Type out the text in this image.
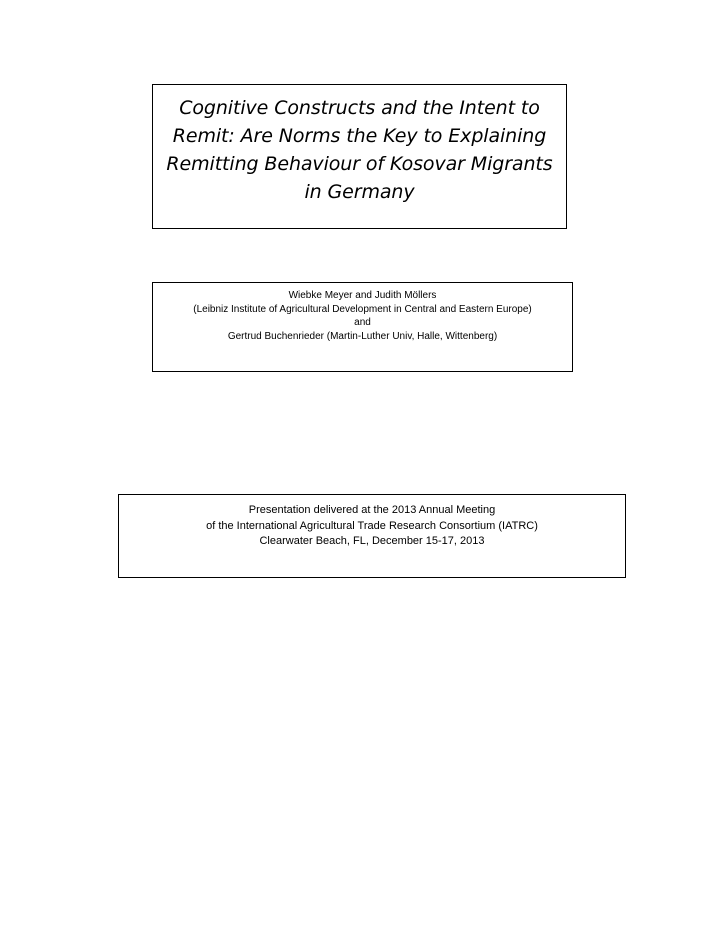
Cognitive Constructs and the Intent to
Remit: Are Norms the Key to Explaining
Remitting Behaviour of Kosovar Migrants
in Germany
Wiebke Meyer and Judith Möllers
(Leibniz Institute of Agricultural Development in Central and Eastern Europe)
and
Gertrud Buchenrieder (Martin-Luther Univ, Halle, Wittenberg)
Presentation delivered at the 2013 Annual Meeting
of the International Agricultural Trade Research Consortium (IATRC)
Clearwater Beach, FL, December 15-17, 2013
